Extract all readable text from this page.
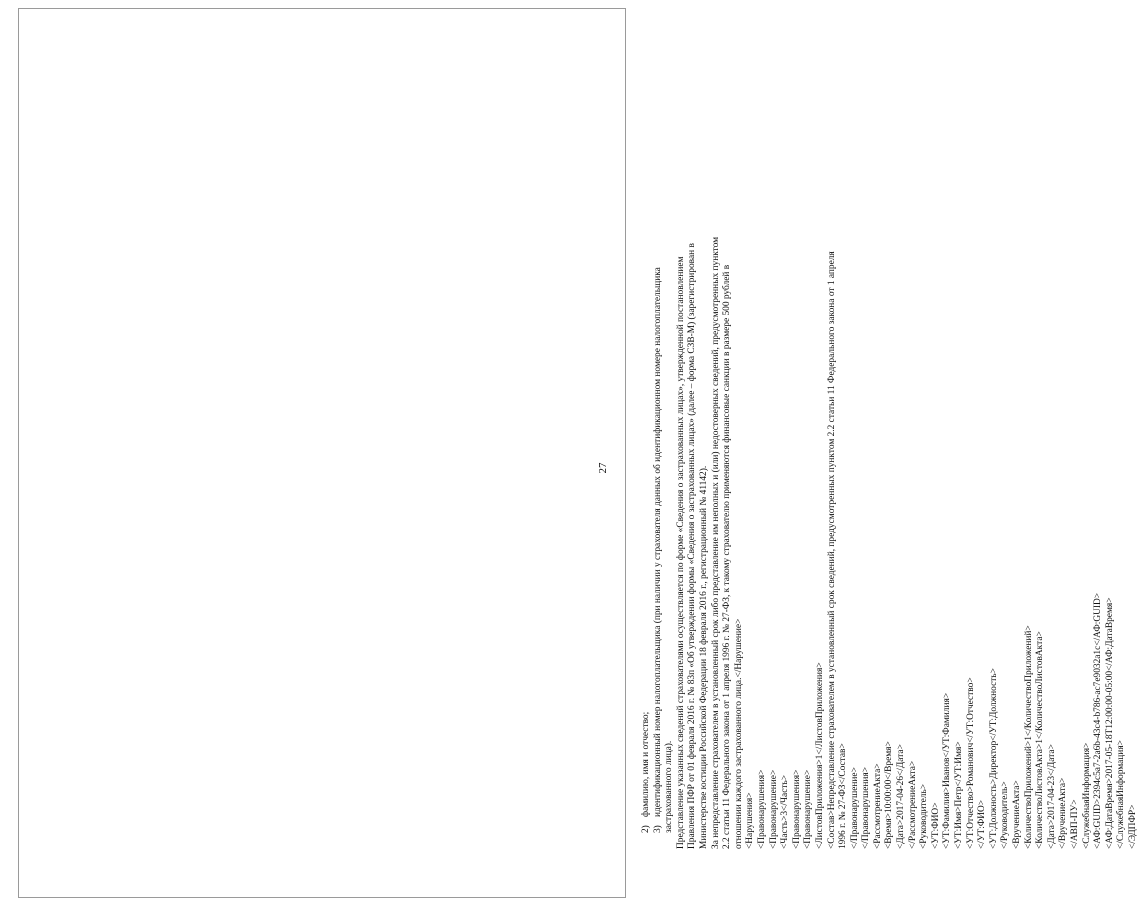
27
2)фамилию, имя и отчество;
3)идентификационный номер налогоплательщика (при наличии у страхователя данных об идентификационном номере налогоплательщика застрахованного лица). Представление указанных сведений страхователями осуществляется по форме «Сведения о застрахованных лицах», утвержденной постановлением Правления ПФР от 01 февраля 2016 г. № 83п «Об утверждении формы «Сведения о застрахованных лицах» (далее – форма СЗВ-М) (зарегистрирован в Министерстве юстиции Российской Федерации 18 февраля 2016 г., регистрационный № 41142). За непредставление страхователем в установленный срок либо представление им неполных и (или) недостоверных сведений, предусмотренных пунктом 2.2 статьи 11 Федерального закона от 1 апреля 1996 г. № 27-ФЗ, к такому страхователю применяются финансовые санкции в размере 500 рублей в отношении каждого застрахованного лица.</Нарушение> <Нарушения> <Правонарушения> <Правонарушение> <Часть>3</Часть> <Правонарушения> <Правонарушение> <ЛистовПриложения>1</ЛистовПриложения> <Состав>Непредставление страхователем в установленный срок сведений, предусмотренных пунктом 2.2 статьи 11 Федерального закона от 1 апреля 1996 г. № 27-ФЗ</Состав> </Правонарушение> </Правонарушения> <РассмотрениеАкта> <Время>10:00:00</Время> <Дата>2017-04-26</Дата> </РассмотрениеАкта> <Руководитель> <УТ:ФИО> <УТ:Фамилия>Иванов</УТ:Фамилия> <УТ:Имя>Петр</УТ:Имя> <УТ:Отчество>Романович</УТ:Отчество> </УТ:ФИО> <УТ:Должность>Директор</УТ:Должность> </Руководитель> <ВручениеАкта> <КоличествоПриложений>1</КоличествоПриложений> <КоличествоЛистовАкта>1</КоличествоЛистовАкта> <Дата>2017-04-23</Дата> </ВручениеАкта> </АВП-ПУ> <СлужебнаяИнформация> <АФ:GUID>2394c5a7-2a6b-43c4-b786-ac7e9032a1c</АФ:GUID> <АФ:ДатаВремя>2017-05-18T12:00:00-05:00</АФ:ДатаВремя> </СлужебнаяИнформация> </ЭДПФР>
